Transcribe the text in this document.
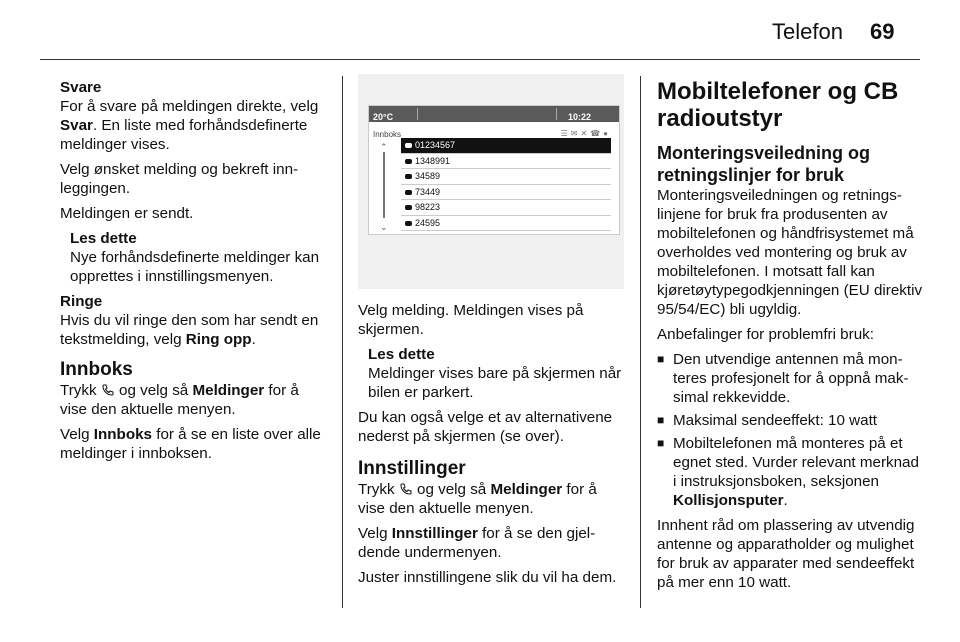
Telefon 69
Svare

For å svare på meldingen direkte, velg Svar. En liste med forhåndsdefinerte meldinger vises.

Velg ønsket melding og bekreft innleggingen.

Meldingen er sendt.

Les dette
Nye forhåndsdefinerte meldinger kan opprettes i innstillingsmenyen.
Ringe

Hvis du vil ringe den som har sendt en tekstmelding, velg Ring opp.

Innboks

Trykk  og velg så Meldinger for å vise den aktuelle menyen.

Velg Innboks for å se en liste over alle meldinger i innboksen.

20°C	10:22
Innboks	☰✉✕☎●
⌃
⌄
01234567
1348991
34589
73449
98223
24595

Velg melding. Meldingen vises på skjermen.

Les dette
Meldinger vises bare på skjermen når bilen er parkert.

Du kan også velge et av alternativene nederst på skjermen (se over).

Innstillinger

Trykk  og velg så Meldinger for å vise den aktuelle menyen.

Velg Innstillinger for å se den gjeldende undermenyen.

Juster innstillingene slik du vil ha dem.

Mobiltelefoner og CB radioutstyr
Monteringsveiledning og retningslinjer for bruk

Monteringsveiledningen og retningslinjene for bruk fra produsenten av mobiltelefonen og håndfrisystemet må overholdes ved montering og bruk av mobiltelefonen. I motsatt fall kan kjøretøytypegodkjenningen (EU direktiv 95/54/EC) bli ugyldig.

Anbefalinger for problemfri bruk:

■ Den utvendige antennen må monteres profesjonelt for å oppnå maksimal rekkevidde.
■ Maksimal sendeeffekt: 10 watt
■ Mobiltelefonen må monteres på et egnet sted. Vurder relevant merknad i instruksjonsboken, seksjonen Kollisjonsputer.

Innhent råd om plassering av utvendig antenne og apparatholder og mulighet for bruk av apparater med sendeeffekt på mer enn 10 watt.
